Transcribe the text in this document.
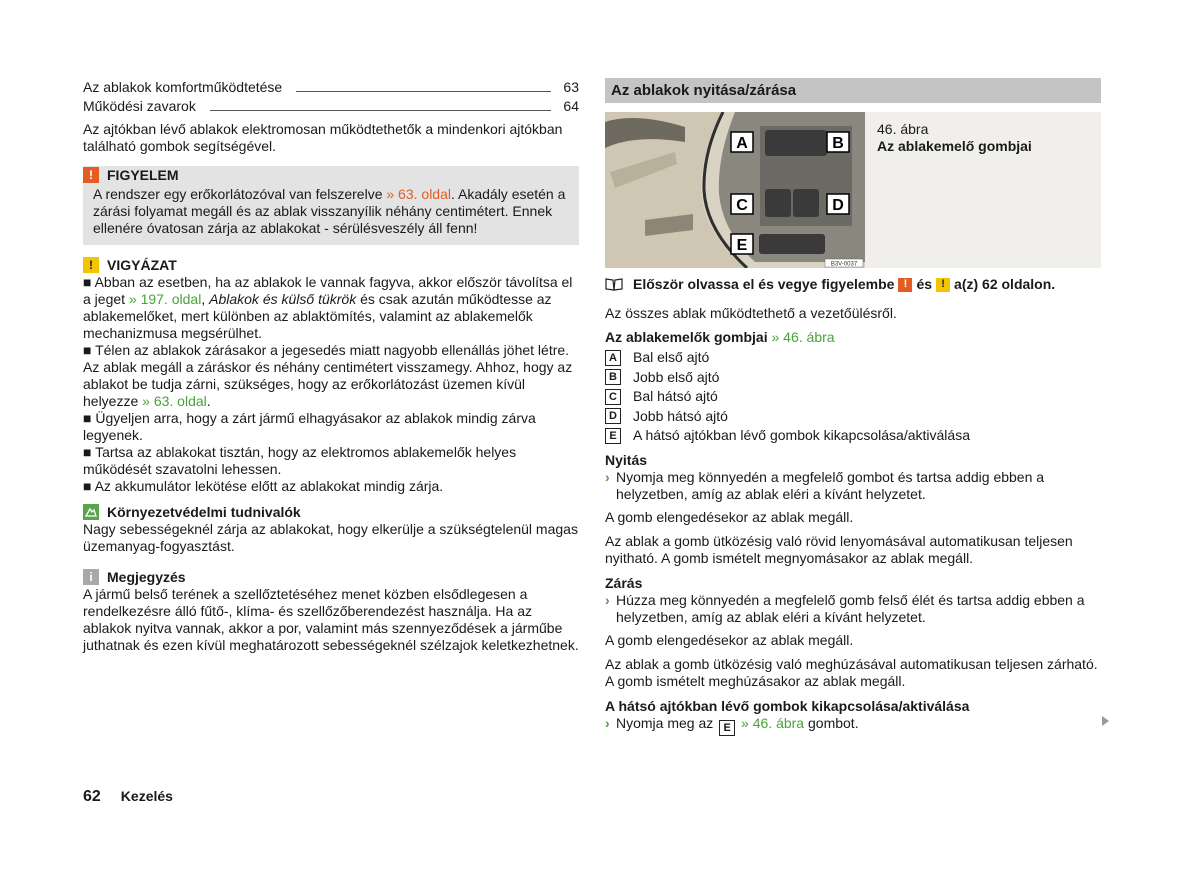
Az ablakok komfortműködtetése	63
Működési zavarok	64

Az ajtókban lévő ablakok elektromosan működtethetők a mindenkori ajtókban található gombok segítségével.

!	FIGYELEM
A rendszer egy erőkorlátozóval van felszerelve » 63. oldal. Akadály esetén a zárási folyamat megáll és az ablak visszanyílik néhány centimétert. Ennek ellenére óvatosan zárja az ablakokat - sérülésveszély áll fenn!
!	VIGYÁZAT

■ Abban az esetben, ha az ablakok le vannak fagyva, akkor először távolítsa el a jeget » 197. oldal, Ablakok és külső tükrök és csak azután működtesse az ablakemelőket, mert különben az ablaktömítés, valamint az ablakemelők mechanizmusa megsérülhet.

■ Télen az ablakok zárásakor a jegesedés miatt nagyobb ellenállás jöhet létre. Az ablak megáll a záráskor és néhány centimétert visszamegy. Ahhoz, hogy az ablakot be tudja zárni, szükséges, hogy az erőkorlátozást üzemen kívül helyezze » 63. oldal.

■ Ügyeljen arra, hogy a zárt jármű elhagyásakor az ablakok mindig zárva legyenek.

■ Tartsa az ablakokat tisztán, hogy az elektromos ablakemelők helyes működését szavatolni lehessen.

■ Az akkumulátor lekötése előtt az ablakokat mindig zárja.

Környezetvédelmi tudnivalók

Nagy sebességeknél zárja az ablakokat, hogy elkerülje a szükségtelenül magas üzemanyag-fogyasztást.

i	Megjegyzés

A jármű belső terének a szellőztetéséhez menet közben elsődlegesen a rendelkezésre álló fűtő-, klíma- és szellőzőberendezést használja. Ha az ablakok nyitva vannak, akkor a por, valamint más szennyeződések a járműbe juthatnak és ezen kívül meghatározott sebességeknél szélzajok keletkezhetnek.

62 Kezelés
Az ablakok nyitása/zárása
A	B
C	D
E
B3V-0037
46. ábra
Az ablakemelő gombjai
Először olvassa el és vegye figyelembe ! és ! a(z) 62 oldalon.

Az összes ablak működtethető a vezetőülésről.

Az ablakemelők gombjai » 46. ábra
A Bal első ajtó
B Jobb első ajtó
C Bal hátsó ajtó
D Jobb hátsó ajtó
E	A hátsó ajtókban lévő gombok kikapcsolása/aktiválása
Nyitás
› Nyomja meg könnyedén a megfelelő gombot és tartsa addig ebben a helyzetben, amíg az ablak eléri a kívánt helyzetet.

A gomb elengedésekor az ablak megáll.

Az ablak a gomb ütközésig való rövid lenyomásával automatikusan teljesen nyitható. A gomb ismételt megnyomásakor az ablak megáll.

Zárás
› Húzza meg könnyedén a megfelelő gomb felső élét és tartsa addig ebben a helyzetben, amíg az ablak eléri a kívánt helyzetet.

A gomb elengedésekor az ablak megáll.

Az ablak a gomb ütközésig való meghúzásával automatikusan teljesen zárható. A gomb ismételt meghúzásakor az ablak megáll.

A hátsó ajtókban lévő gombok kikapcsolása/aktiválása
› Nyomja meg az E » 46. ábra gombot.
